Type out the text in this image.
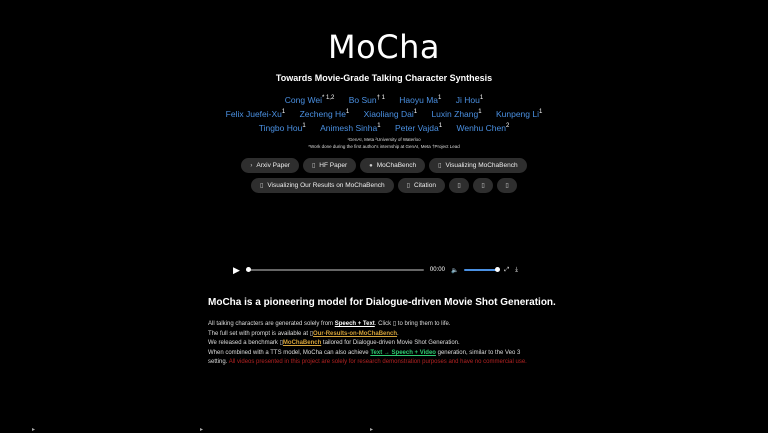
MoCha
Towards Movie-Grade Talking Character Synthesis
Cong Wei$^{* 1,2}$ Bo Sun$^{\dagger 1}$ Haoyu Ma$^1$ Ji Hou$^1$
Felix Juefei-Xu$^1$ Zecheng He$^1$ Xiaoliang Dai$^1$ Luxin Zhang$^1$ Kunpeng Li$^1$
Tingbo Hou$^1$ Animesh Sinha$^1$ Peter Vajda$^1$ Wenhu Chen$^2$
¹GenAI, Meta ²University of Waterloo
*Work done during the first author's internship at GenAI, Meta †Project Lead
› Arxiv Paper	▯ HF Paper	● MoChaBench	▯ Visualizing MoChaBench
▯ Visualizing Our Results on MoChaBench	▯ Citation	▯	▯	▯
▶	00:00 🔈	⤢ ⤓
MoCha is a pioneering model for Dialogue-driven Movie Shot Generation.
All talking characters are generated solely from Speech + Text. Click ▯ to bring them to life.
The full set with prompt is available at ▯Our-Results-on-MoChaBench.
We released a benchmark ▯MoChaBench tailored for Dialogue-driven Movie Shot Generation.
When combined with a TTS model, MoCha can also achieve Text → Speech + Video generation, similar to the Veo 3
setting. All videos presented in this project are solely for research demonstration purposes and have no commercial use.
▸	▸	▸
